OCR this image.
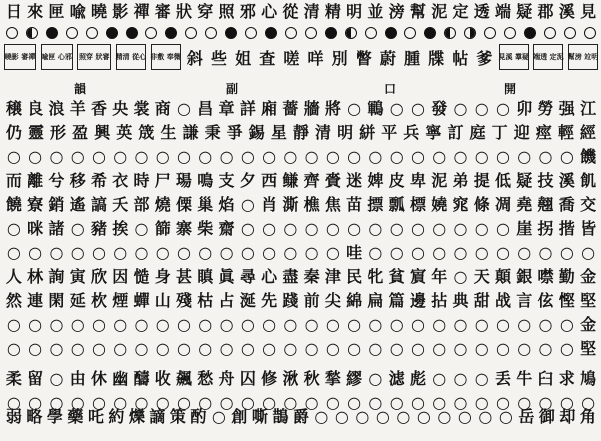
日 來 匣 喩 曉 影 禪 審 狀 穿 照 邪 心 從 清 精 明 並 滂 幫 泥 定 透 端 疑 郡 溪 見
曉影 審禪 喩匣 心邪 照穿 狀審 精清 從心 非敷 奉微 斜 些 姐 査 嗟 咩 別 瞥 蔚 腫 牒 帖 爹 見溪 羣疑 端透 定泥 幫滂 竝明
韻	副	口	開
穣 良 浪 羊 香 央 裳 商 ○ 昌 章 詳 廂 薔 牆 將 ○ 鶤 ○ ○ 發 ○ ○ ○ 卯 勞 强 江
仍 靈 形 盈 興 英 筬 生 謙 秉 爭 錫 星 靜 清 明 絣 平 兵 寧 訂 庭 丁 迎 痙 輕 經
○ ○ ○ ○ ○ ○ ○ ○ ○ ○ ○ ○ ○ ○ ○ ○ ○ ○ ○ ○ ○ ○ ○ ○ ○ ○ ○ 饑
而 離 兮 移 希 衣 時 尸 瑒 鳴 支 夕 西 鳒 齊 賫 迷 婢 皮 卑 泥 弟 提 低 疑 技 溪 飢
饒 寮 銷 遙 謞 夭 部 燒 傈 巢 焰 ○ 肖 澌 樵 焦 苗 摽 瓢 標 嬈 窕 條 凋 堯 翹 喬 交
○ 咪 諸 ○ 豬 挨 ○ 篩 寨 柴 齋 ○ ○ ○ ○ ○ ○ ○ ○ ○ ○ ○ ○ ○ 崖 拐 揩 皆
○ ○ ○ ○ ○ ○ ○ ○ ○ ○ ○ ○ ○ ○ ○ ○ 哇 ○ ○ ○ ○ ○ ○ ○ ○ ○ ○ ○
人 林 詢 寅 欣 因 慥 身 甚 瞋 眞 尋 心 盡 秦 津 民 牝 貧 賔 年 ○ 天 顛 銀 噤 勤 金
然 連 閑 延 杴 煙 蟬 山 殘 枯 占 涎 先 踐 前 尖 綿 扁 篇 邊 拈 典 甜 战 言 伭 慳 堅
○ ○ ○ ○ ○ ○ ○ ○ ○ ○ ○ ○ ○ ○ ○ ○ ○ ○ ○ ○ ○ ○ ○ ○ ○ ○ ○ 金
○ ○ ○ ○ ○ ○ ○ ○ ○ ○ ○ ○ ○ ○ ○ ○ ○ ○ ○ ○ ○ ○ ○ ○ ○ ○ ○ 堅
柔 留 ○ 由 休 幽 醻 收 飆 愁 舟 囚 修 湫 秋 揫 繆 ○ 滤 彪 ○ ○ ○ 丢 牛 臼 求 鳩
○ ○ ○ ○ ○ ○ ○ ○ ○ ○ ○ ○ ○ ○ ○ ○ ○ ○ ○ ○ ○ ○ ○ ○ ○ ○ ○ ○
弱 略 學 藥 吒 約 爍 謫 策 酌 ○ 創 嘶 鵲 爵 ○ ○ ○ ○ ○ ○ ○ ○ ○ ○ 岳 御 却 角
